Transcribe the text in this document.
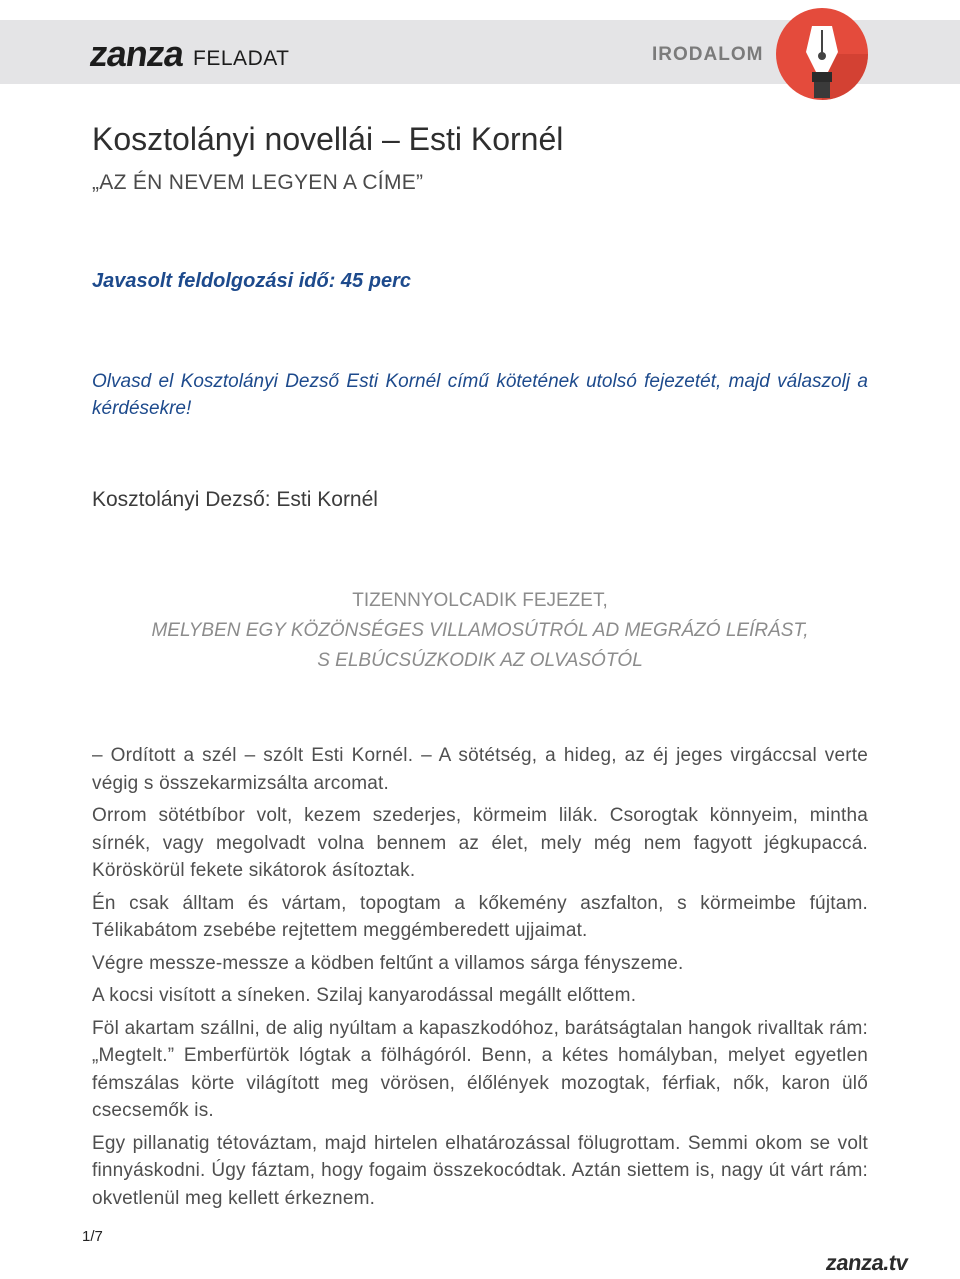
zanza FELADAT	IRODALOM
Kosztolányi novellái – Esti Kornél
„AZ ÉN NEVEM LEGYEN A CÍME”
Javasolt feldolgozási idő: 45 perc
Olvasd el Kosztolányi Dezső Esti Kornél című kötetének utolsó fejezetét, majd válaszolj a kérdésekre!
Kosztolányi Dezső: Esti Kornél
TIZENNYOLCADIK FEJEZET,
MELYBEN EGY KÖZÖNSÉGES VILLAMOSÚTRÓL AD MEGRÁZÓ LEÍRÁST,
S ELBÚCSÚZKODIK AZ OLVASÓTÓL

– Ordított a szél – szólt Esti Kornél. – A sötétség, a hideg, az éj jeges virgáccsal verte végig s összekarmizsálta arcomat.

Orrom sötétbíbor volt, kezem szederjes, körmeim lilák. Csorogtak könnyeim, mintha sírnék, vagy megolvadt volna bennem az élet, mely még nem fagyott jégkupaccá. Köröskörül fekete sikátorok ásítoztak.

Én csak álltam és vártam, topogtam a kőkemény aszfalton, s körmeimbe fújtam. Télikabátom zsebébe rejtettem meggémberedett ujjaimat.

Végre messze-messze a ködben feltűnt a villamos sárga fényszeme.

A kocsi visított a síneken. Szilaj kanyarodással megállt előttem.

Föl akartam szállni, de alig nyúltam a kapaszkodóhoz, barátságtalan hangok rivalltak rám: „Megtelt.” Emberfürtök lógtak a fölhágóról. Benn, a kétes homályban, melyet egyetlen fémszálas körte világított meg vörösen, élőlények mozogtak, férfiak, nők, karon ülő csecsemők is.

Egy pillanatig tétováztam, majd hirtelen elhatározással fölugrottam. Semmi okom se volt finnyáskodni. Úgy fáztam, hogy fogaim összekocódtak. Aztán siettem is, nagy út várt rám: okvetlenül meg kellett érkeznem.

1/7
zanza.tv
